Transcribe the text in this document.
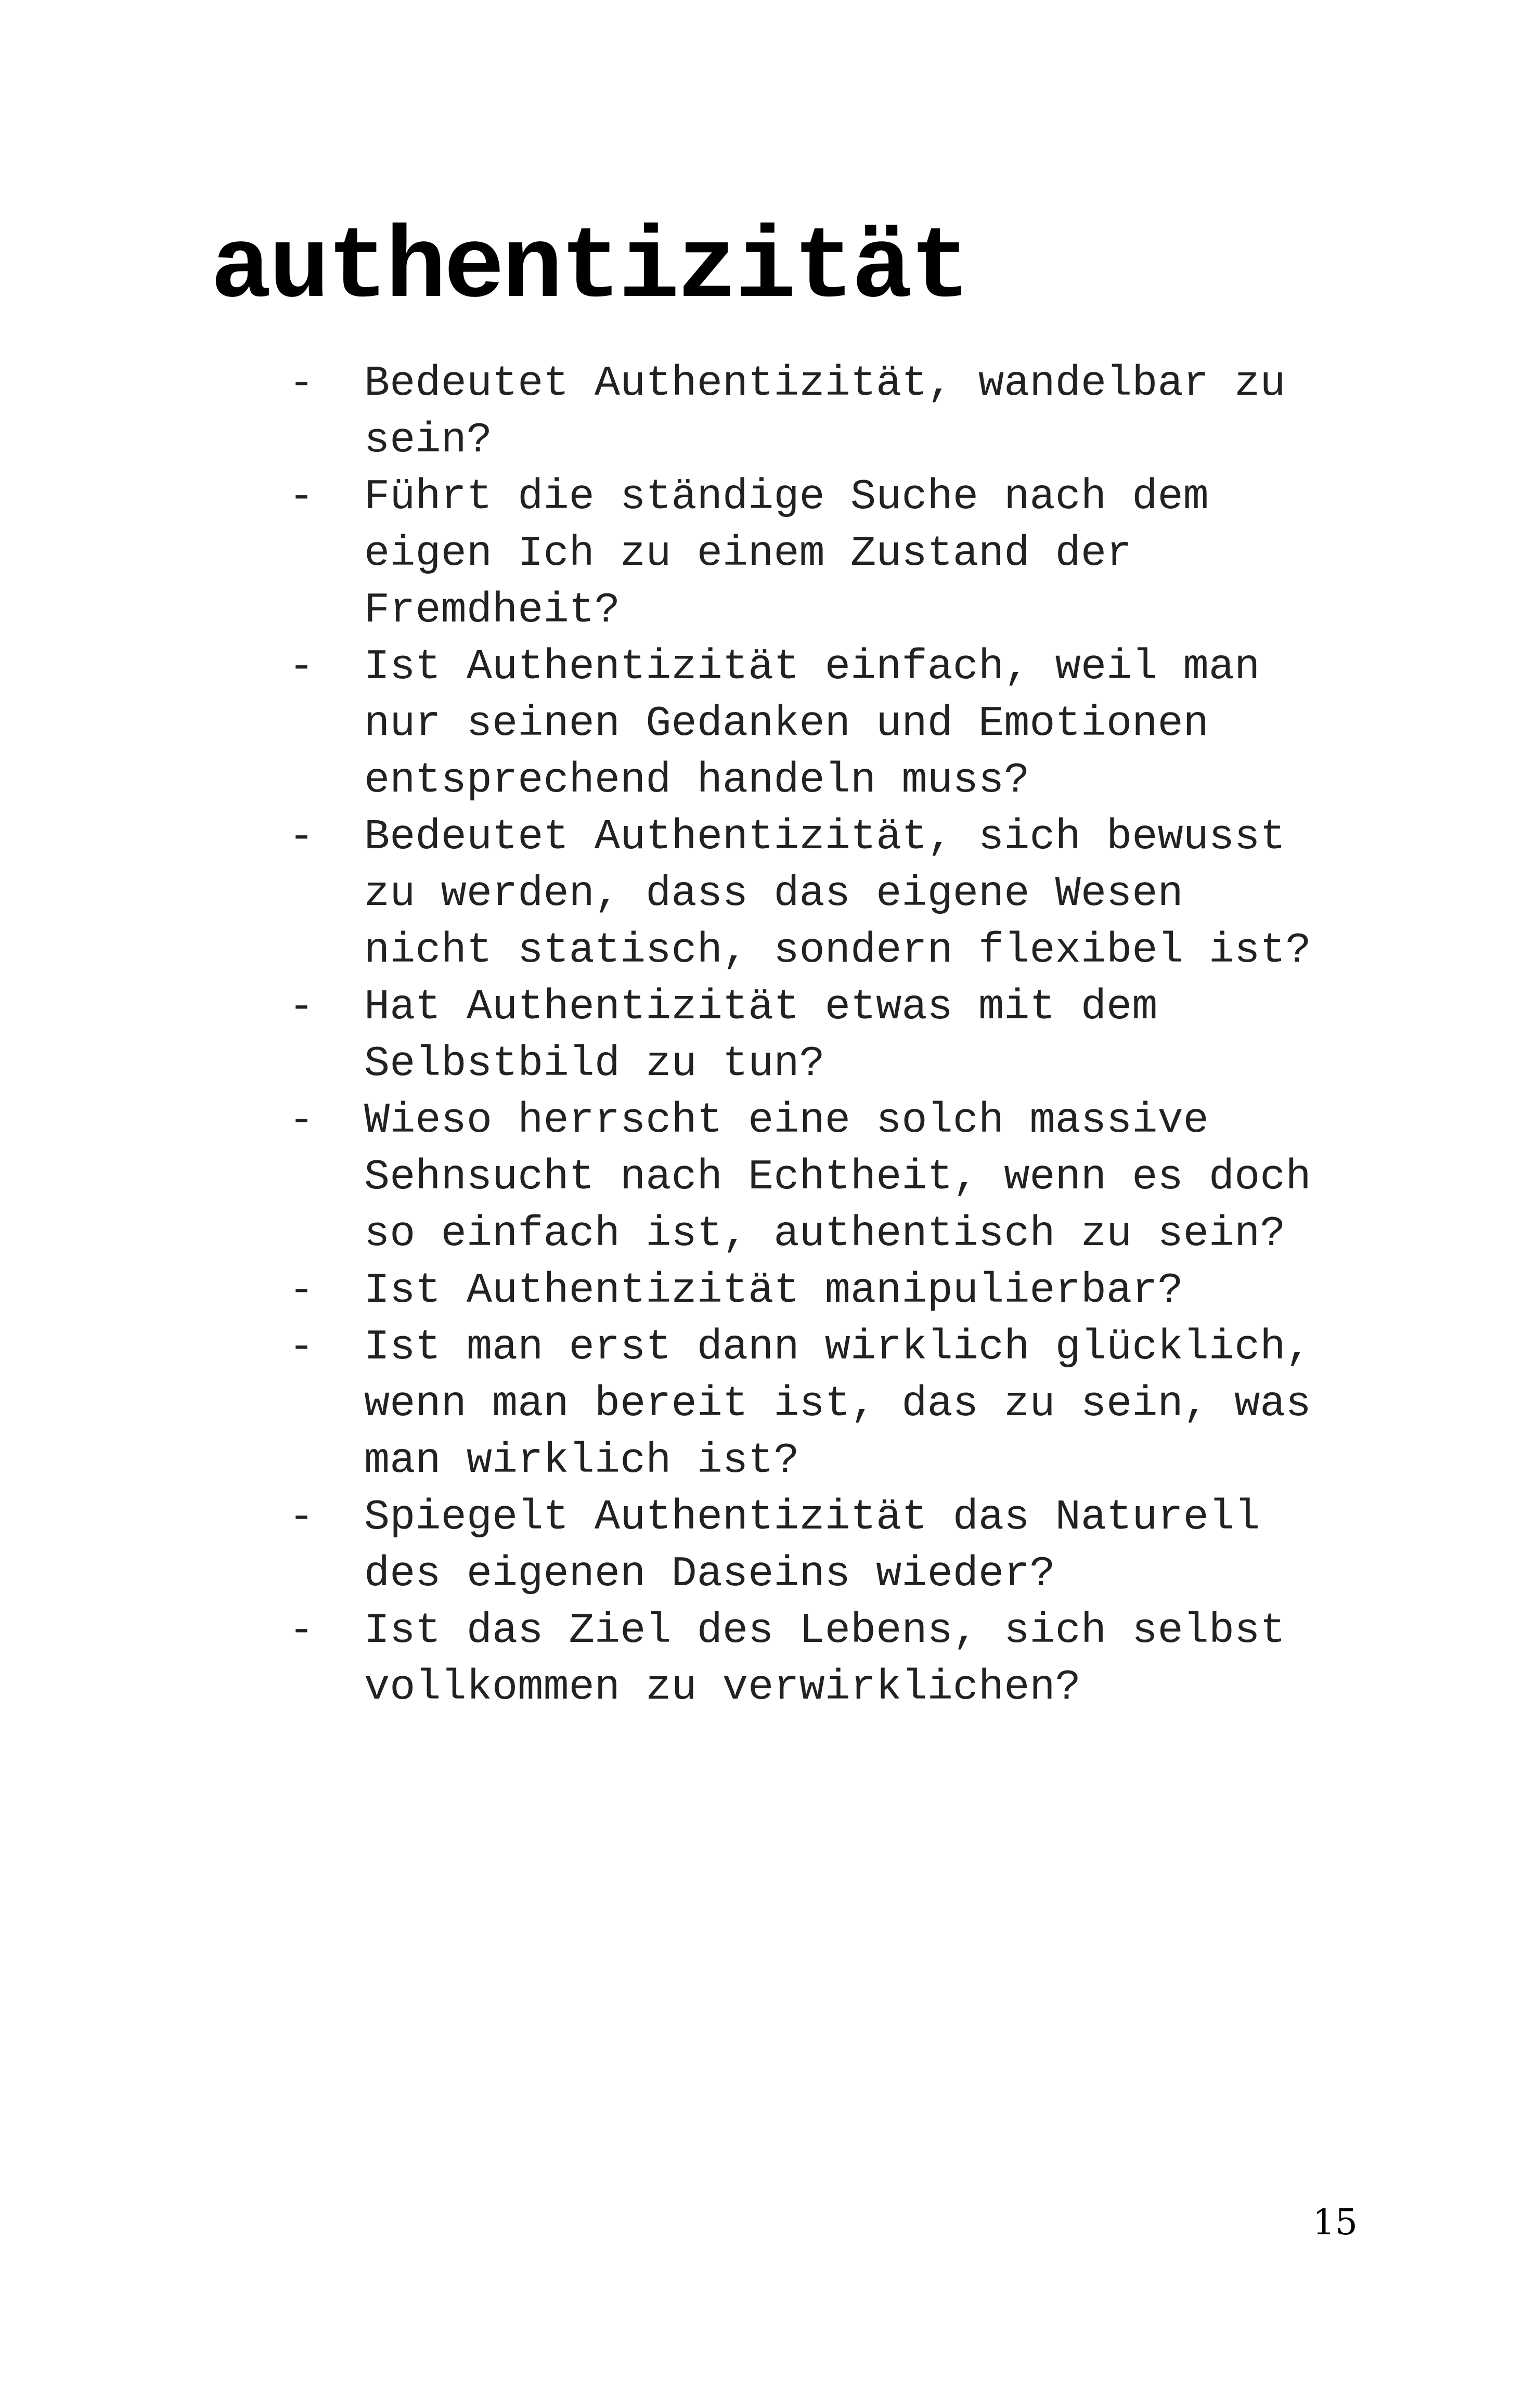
authentizität
- Bedeutet Authentizität, wandelbar zu
sein?
- Führt die ständige Suche nach dem
eigen Ich zu einem Zustand der
Fremdheit?
- Ist Authentizität einfach, weil man
nur seinen Gedanken und Emotionen
entsprechend handeln muss?
- Bedeutet Authentizität, sich bewusst
zu werden, dass das eigene Wesen
nicht statisch, sondern flexibel ist?
- Hat Authentizität etwas mit dem
Selbstbild zu tun?
- Wieso herrscht eine solch massive
Sehnsucht nach Echtheit, wenn es doch
so einfach ist, authentisch zu sein?
- Ist Authentizität manipulierbar?
- Ist man erst dann wirklich glücklich,
wenn man bereit ist, das zu sein, was
man wirklich ist?
- Spiegelt Authentizität das Naturell
des eigenen Daseins wieder?
- Ist das Ziel des Lebens, sich selbst
vollkommen zu verwirklichen?
15
